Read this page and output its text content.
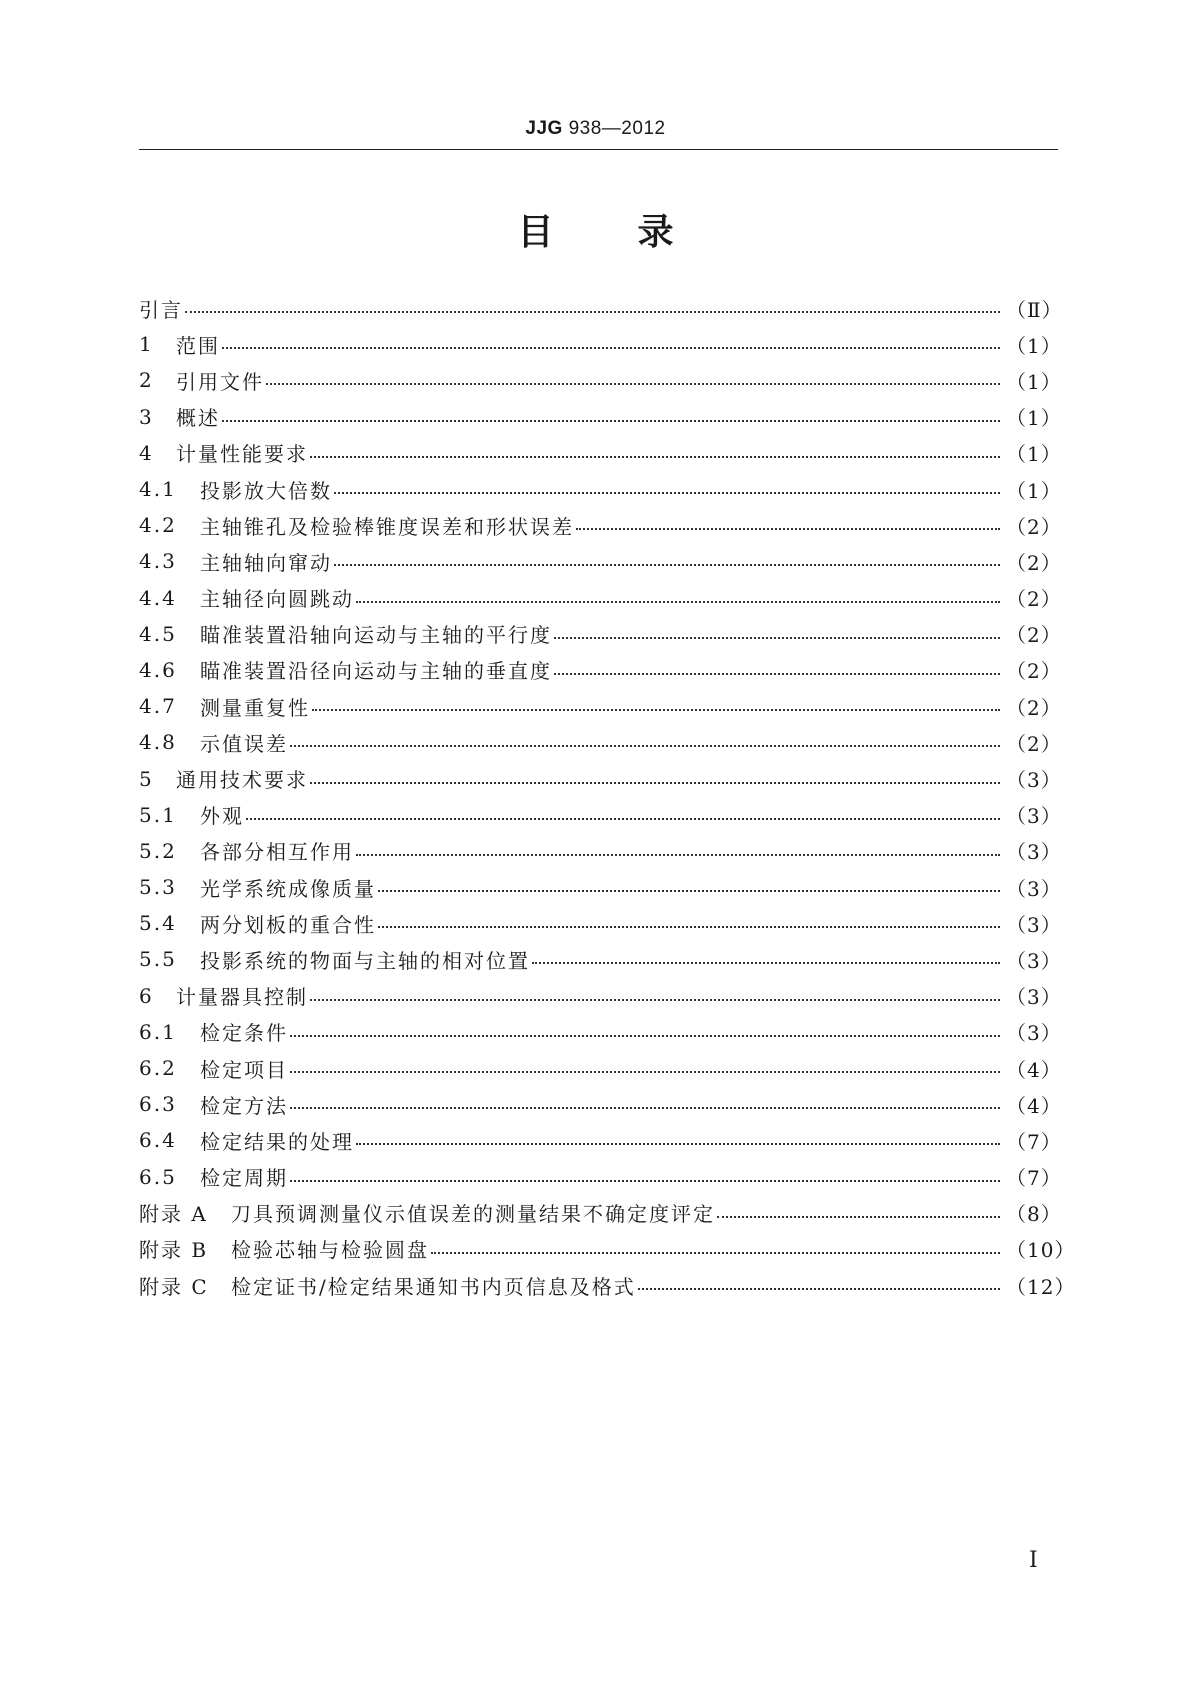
JJG 938—2012
目 录
引言	（Ⅱ）
1	范围	（1）
2	引用文件	（1）
3	概述	（1）
4	计量性能要求	（1）
4.1	投影放大倍数	（1）
4.2	主轴锥孔及检验棒锥度误差和形状误差	（2）
4.3	主轴轴向窜动	（2）
4.4	主轴径向圆跳动	（2）
4.5	瞄准装置沿轴向运动与主轴的平行度	（2）
4.6	瞄准装置沿径向运动与主轴的垂直度	（2）
4.7	测量重复性	（2）
4.8	示值误差	（2）
5	通用技术要求	（3）
5.1	外观	（3）
5.2	各部分相互作用	（3）
5.3	光学系统成像质量	（3）
5.4	两分划板的重合性	（3）
5.5	投影系统的物面与主轴的相对位置	（3）
6	计量器具控制	（3）
6.1	检定条件	（3）
6.2	检定项目	（4）
6.3	检定方法	（4）
6.4	检定结果的处理	（7）
6.5	检定周期	（7）
附录 A	刀具预调测量仪示值误差的测量结果不确定度评定	（8）
附录 B	检验芯轴与检验圆盘	（10）
附录 C	检定证书/检定结果通知书内页信息及格式	（12）
Ⅰ
